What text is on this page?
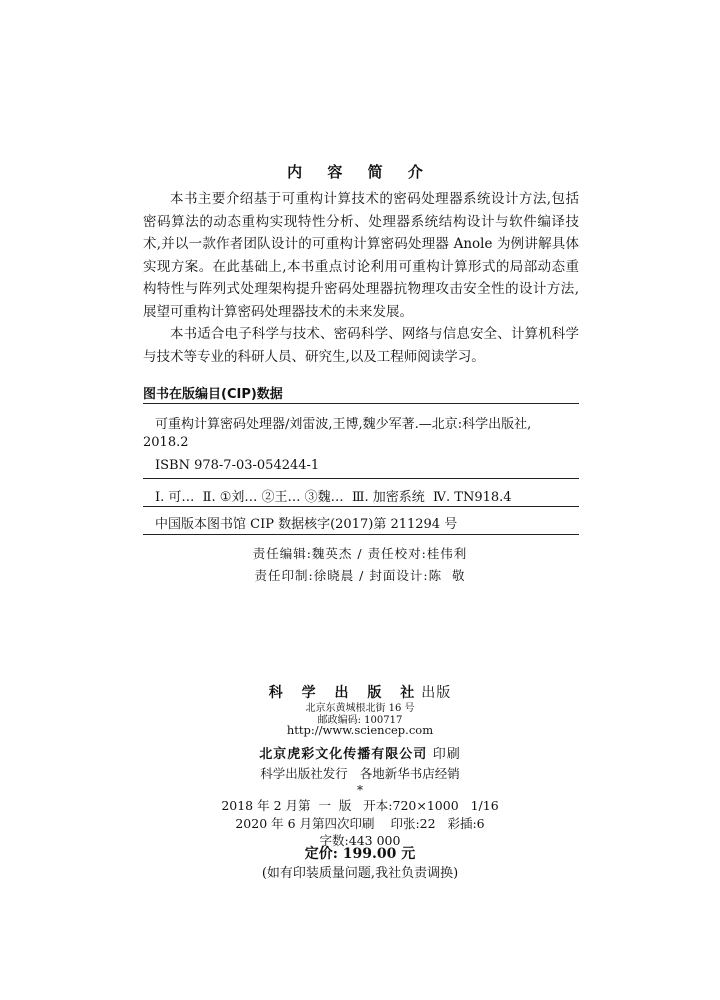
内 容 简 介

本书主要介绍基于可重构计算技术的密码处理器系统设计方法,包括密码算法的动态重构实现特性分析、处理器系统结构设计与软件编译技术,并以一款作者团队设计的可重构计算密码处理器 Anole 为例讲解具体实现方案。在此基础上,本书重点讨论利用可重构计算形式的局部动态重构特性与阵列式处理架构提升密码处理器抗物理攻击安全性的设计方法,展望可重构计算密码处理器技术的未来发展。

本书适合电子科学与技术、密码科学、网络与信息安全、计算机科学与技术等专业的科研人员、研究生,以及工程师阅读学习。

图书在版编目(CIP)数据
可重构计算密码处理器/刘雷波,王博,魏少军著.—北京:科学出版社,
2018.2
ISBN 978-7-03-054244-1
Ⅰ. 可…  Ⅱ. ①刘… ②王… ③魏…  Ⅲ. 加密系统  Ⅳ. TN918.4
中国版本图书馆 CIP 数据核字(2017)第 211294 号
责任编辑:魏英杰 / 责任校对:桂伟利
责任印制:徐晓晨 / 封面设计:陈  敬
科 学 出 版 社出版
北京东黄城根北街 16 号
邮政编码: 100717
http://www.sciencep.com
北京虎彩文化传播有限公司 印刷
科学出版社发行   各地新华书店经销
*
2018 年 2 月第  一  版   开本:720×1000   1/16
2020 年 6 月第四次印刷    印张:22   彩插:6
字数:443 000
定价: 199.00 元
(如有印装质量问题,我社负责调换)
